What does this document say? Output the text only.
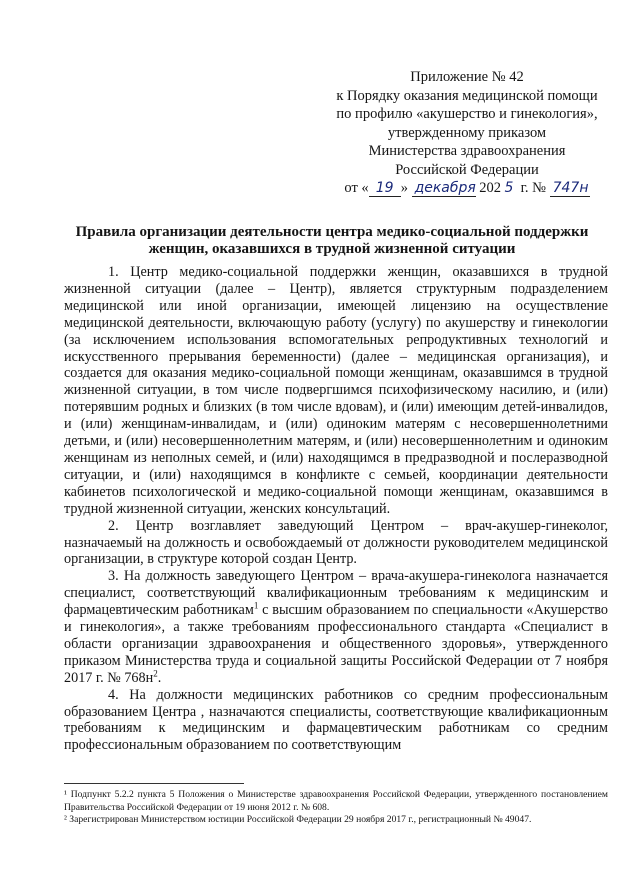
Приложение № 42
к Порядку оказания медицинской помощи
по профилю «акушерство и гинекология»,
утвержденному приказом
Министерства здравоохранения
Российской Федерации
от « 19 » декабря 202 5 г. № 747н
Правила организации деятельности центра медико-социальной поддержки женщин, оказавшихся в трудной жизненной ситуации

1. Центр медико-социальной поддержки женщин, оказавшихся в трудной жизненной ситуации (далее – Центр), является структурным подразделением медицинской или иной организации, имеющей лицензию на осуществление медицинской деятельности, включающую работу (услугу) по акушерству и гинекологии (за исключением использования вспомогательных репродуктивных технологий и искусственного прерывания беременности) (далее – медицинская организация), и создается для оказания медико-социальной помощи женщинам, оказавшимся в трудной жизненной ситуации, в том числе подвергшимся психофизическому насилию, и (или) потерявшим родных и близких (в том числе вдовам), и (или) имеющим детей-инвалидов, и (или) женщинам-инвалидам, и (или) одиноким матерям с несовершеннолетними детьми, и (или) несовершеннолетним матерям, и (или) несовершеннолетним и одиноким женщинам из неполных семей, и (или) находящимся в предразводной и послеразводной ситуации, и (или) находящимся в конфликте с семьей, координации деятельности кабинетов психологической и медико-социальной помощи женщинам, оказавшимся в трудной жизненной ситуации, женских консультаций.

2. Центр возглавляет заведующий Центром – врач-акушер-гинеколог, назначаемый на должность и освобождаемый от должности руководителем медицинской организации, в структуре которой создан Центр.

3. На должность заведующего Центром – врача-акушера-гинеколога назначается специалист, соответствующий квалификационным требованиям к медицинским и фармацевтическим работникам$^1$ с высшим образованием по специальности «Акушерство и гинекология», а также требованиям профессионального стандарта «Специалист в области организации здравоохранения и общественного здоровья», утвержденного приказом Министерства труда и социальной защиты Российской Федерации от 7 ноября 2017 г. № $768н^2$.

4. На должности медицинских работников со средним профессиональным образованием Центра , назначаются специалисты, соответствующие квалификационным требованиям к медицинским и фармацевтическим работникам со средним профессиональным образованием по соответствующим

¹ Подпункт 5.2.2 пункта 5 Положения о Министерстве здравоохранения Российской Федерации, утвержденного постановлением Правительства Российской Федерации от 19 июня 2012 г. № 608.

² Зарегистрирован Министерством юстиции Российской Федерации 29 ноября 2017 г., регистрационный № 49047.
